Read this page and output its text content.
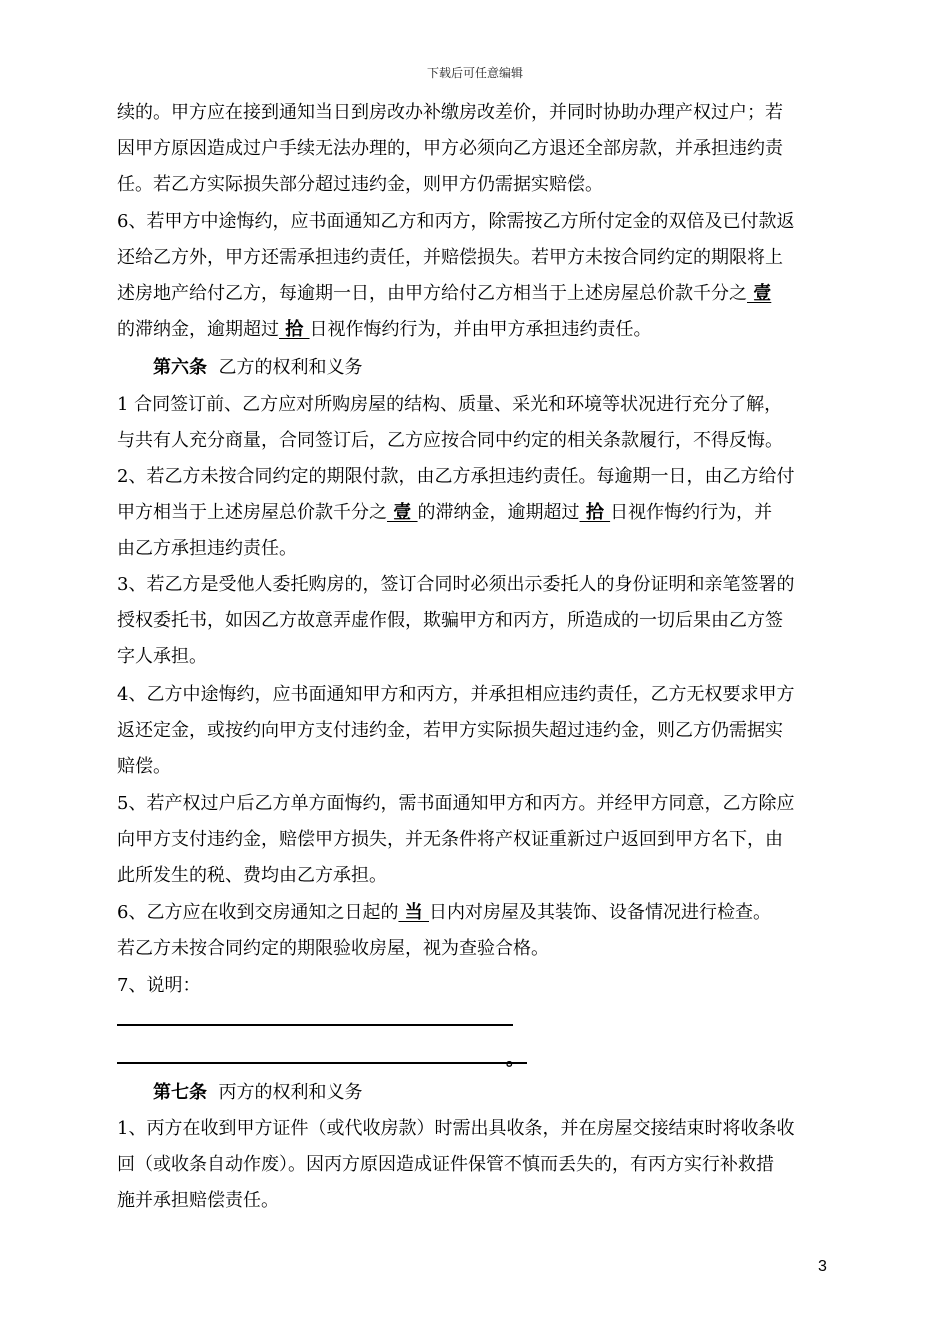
下载后可任意编辑
续的。甲方应在接到通知当日到房改办补缴房改差价，并同时协助办理产权过户；若
因甲方原因造成过户手续无法办理的，甲方必须向乙方退还全部房款，并承担违约责
任。若乙方实际损失部分超过违约金，则甲方仍需据实赔偿。
6、若甲方中途悔约，应书面通知乙方和丙方，除需按乙方所付定金的双倍及已付款返
还给乙方外，甲方还需承担违约责任，并赔偿损失。若甲方未按合同约定的期限将上
述房地产给付乙方，每逾期一日，由甲方给付乙方相当于上述房屋总价款千分之 壹
的滞纳金，逾期超过 拾 日视作悔约行为，并由甲方承担违约责任。
第六条 乙方的权利和义务
1 合同签订前、乙方应对所购房屋的结构、质量、采光和环境等状况进行充分了解，
与共有人充分商量，合同签订后，乙方应按合同中约定的相关条款履行，不得反悔。
2、若乙方未按合同约定的期限付款，由乙方承担违约责任。每逾期一日，由乙方给付
甲方相当于上述房屋总价款千分之 壹 的滞纳金，逾期超过 拾 日视作悔约行为，并
由乙方承担违约责任。
3、若乙方是受他人委托购房的，签订合同时必须出示委托人的身份证明和亲笔签署的
授权委托书，如因乙方故意弄虚作假，欺骗甲方和丙方，所造成的一切后果由乙方签
字人承担。
4、乙方中途悔约，应书面通知甲方和丙方，并承担相应违约责任，乙方无权要求甲方
返还定金，或按约向甲方支付违约金，若甲方实际损失超过违约金，则乙方仍需据实
赔偿。
5、若产权过户后乙方单方面悔约，需书面通知甲方和丙方。并经甲方同意，乙方除应
向甲方支付违约金，赔偿甲方损失，并无条件将产权证重新过户返回到甲方名下，由
此所发生的税、费均由乙方承担。
6、乙方应在收到交房通知之日起的 当 日内对房屋及其装饰、设备情况进行检查。
若乙方未按合同约定的期限验收房屋，视为查验合格。
7、说明：
。
第七条 丙方的权利和义务
1、丙方在收到甲方证件（或代收房款）时需出具收条，并在房屋交接结束时将收条收
回（或收条自动作废）。因丙方原因造成证件保管不慎而丢失的，有丙方实行补救措
施并承担赔偿责任。
3
